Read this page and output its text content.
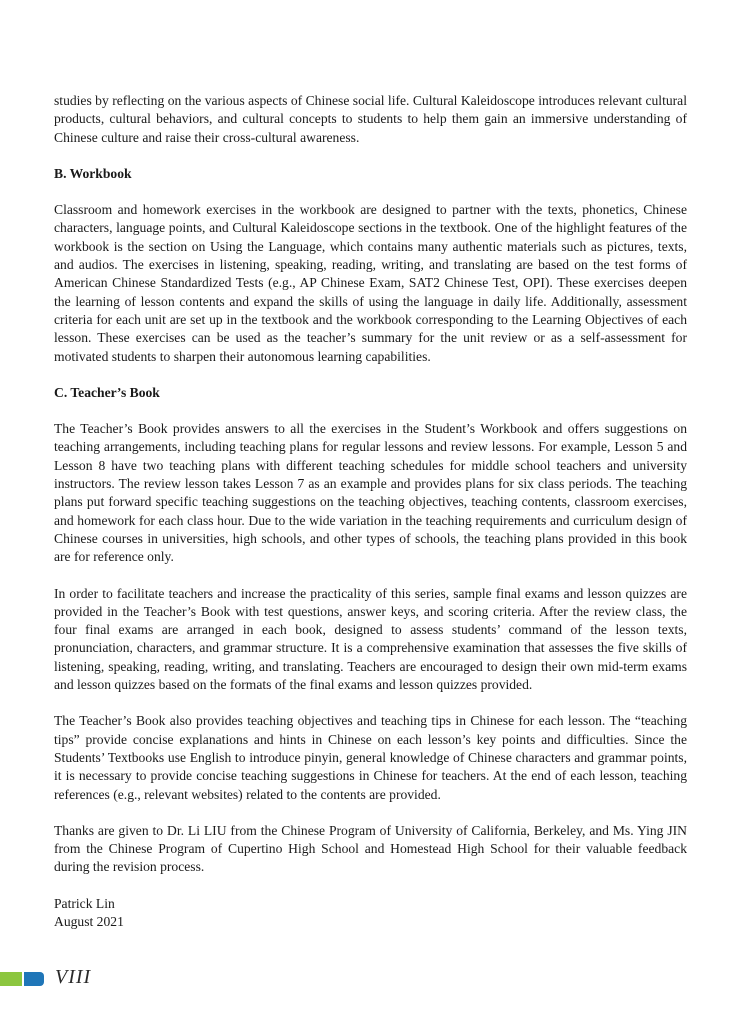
studies by reflecting on the various aspects of Chinese social life. Cultural Kaleidoscope introduces relevant cultural products, cultural behaviors, and cultural concepts to students to help them gain an immersive understanding of Chinese culture and raise their cross-cultural awareness.

B. Workbook

Classroom and homework exercises in the workbook are designed to partner with the texts, phonetics, Chinese characters, language points, and Cultural Kaleidoscope sections in the textbook. One of the highlight features of the workbook is the section on Using the Language, which contains many authentic materials such as pictures, texts, and audios. The exercises in listening, speaking, reading, writing, and translating are based on the test forms of American Chinese Standardized Tests (e.g., AP Chinese Exam, SAT2 Chinese Test, OPI). These exercises deepen the learning of lesson contents and expand the skills of using the language in daily life. Additionally, assessment criteria for each unit are set up in the textbook and the workbook corresponding to the Learning Objectives of each lesson. These exercises can be used as the teacher’s summary for the unit review or as a self-assessment for motivated students to sharpen their autonomous learning capabilities.

C. Teacher’s Book

The Teacher’s Book provides answers to all the exercises in the Student’s Workbook and offers suggestions on teaching arrangements, including teaching plans for regular lessons and review lessons. For example, Lesson 5 and Lesson 8 have two teaching plans with different teaching schedules for middle school teachers and university instructors. The review lesson takes Lesson 7 as an example and provides plans for six class periods. The teaching plans put forward specific teaching suggestions on the teaching objectives, teaching contents, classroom exercises, and homework for each class hour. Due to the wide variation in the teaching requirements and curriculum design of Chinese courses in universities, high schools, and other types of schools, the teaching plans provided in this book are for reference only.

In order to facilitate teachers and increase the practicality of this series, sample final exams and lesson quizzes are provided in the Teacher’s Book with test questions, answer keys, and scoring criteria. After the review class, the four final exams are arranged in each book, designed to assess students’ command of the lesson texts, pronunciation, characters, and grammar structure. It is a comprehensive examination that assesses the five skills of listening, speaking, reading, writing, and translating. Teachers are encouraged to design their own mid-term exams and lesson quizzes based on the formats of the final exams and lesson quizzes provided.

The Teacher’s Book also provides teaching objectives and teaching tips in Chinese for each lesson. The “teaching tips” provide concise explanations and hints in Chinese on each lesson’s key points and difficulties. Since the Students’ Textbooks use English to introduce pinyin, general knowledge of Chinese characters and grammar points, it is necessary to provide concise teaching suggestions in Chinese for teachers. At the end of each lesson, teaching references (e.g., relevant websites) related to the contents are provided.

Thanks are given to Dr. Li LIU from the Chinese Program of University of California, Berkeley, and Ms. Ying JIN from the Chinese Program of Cupertino High School and Homestead High School for their valuable feedback during the revision process.

Patrick Lin

August 2021

VIII
